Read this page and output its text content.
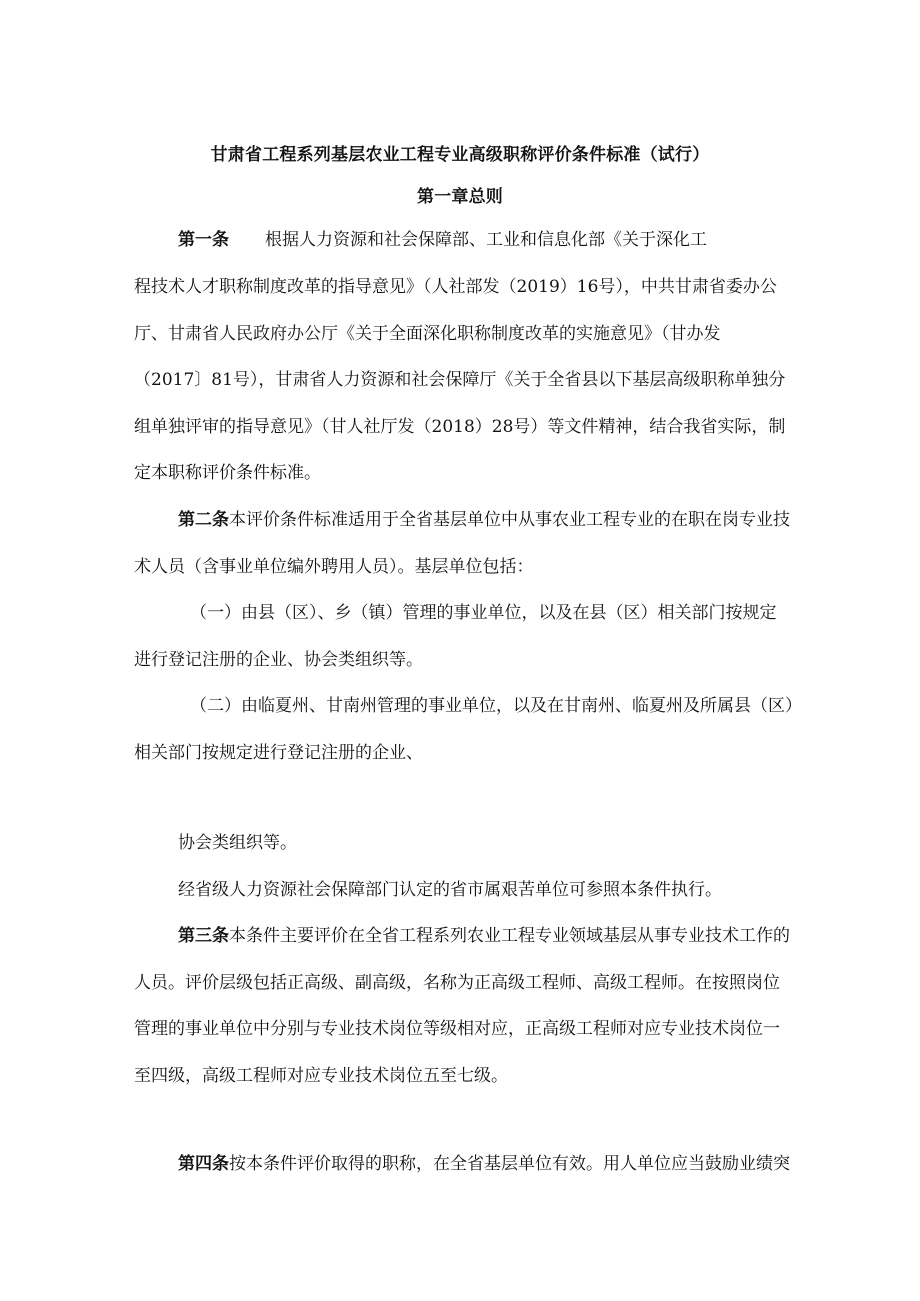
甘肃省工程系列基层农业工程专业高级职称评价条件标准（试行）
第一章总则
第一条 根据人力资源和社会保障部、工业和信息化部《关于深化工
程技术人才职称制度改革的指导意见》（人社部发（2019）16号），中共甘肃省委办公
厅、甘肃省人民政府办公厅《关于全面深化职称制度改革的实施意见》（甘办发
（2017〕81号），甘肃省人力资源和社会保障厅《关于全省县以下基层高级职称单独分
组单独评审的指导意见》（甘人社厅发（2018）28号）等文件精神，结合我省实际，制
定本职称评价条件标准。
第二条本评价条件标准适用于全省基层单位中从事农业工程专业的在职在岗专业技
术人员（含事业单位编外聘用人员）。基层单位包括：
（一）由县（区）、乡（镇）管理的事业单位，以及在县（区）相关部门按规定
进行登记注册的企业、协会类组织等。
（二）由临夏州、甘南州管理的事业单位，以及在甘南州、临夏州及所属县（区）
相关部门按规定进行登记注册的企业、
协会类组织等。
经省级人力资源社会保障部门认定的省市属艰苦单位可参照本条件执行。
第三条本条件主要评价在全省工程系列农业工程专业领域基层从事专业技术工作的
人员。评价层级包括正高级、副高级，名称为正高级工程师、高级工程师。在按照岗位
管理的事业单位中分别与专业技术岗位等级相对应，正高级工程师对应专业技术岗位一
至四级，高级工程师对应专业技术岗位五至七级。
第四条按本条件评价取得的职称，在全省基层单位有效。用人单位应当鼓励业绩突
